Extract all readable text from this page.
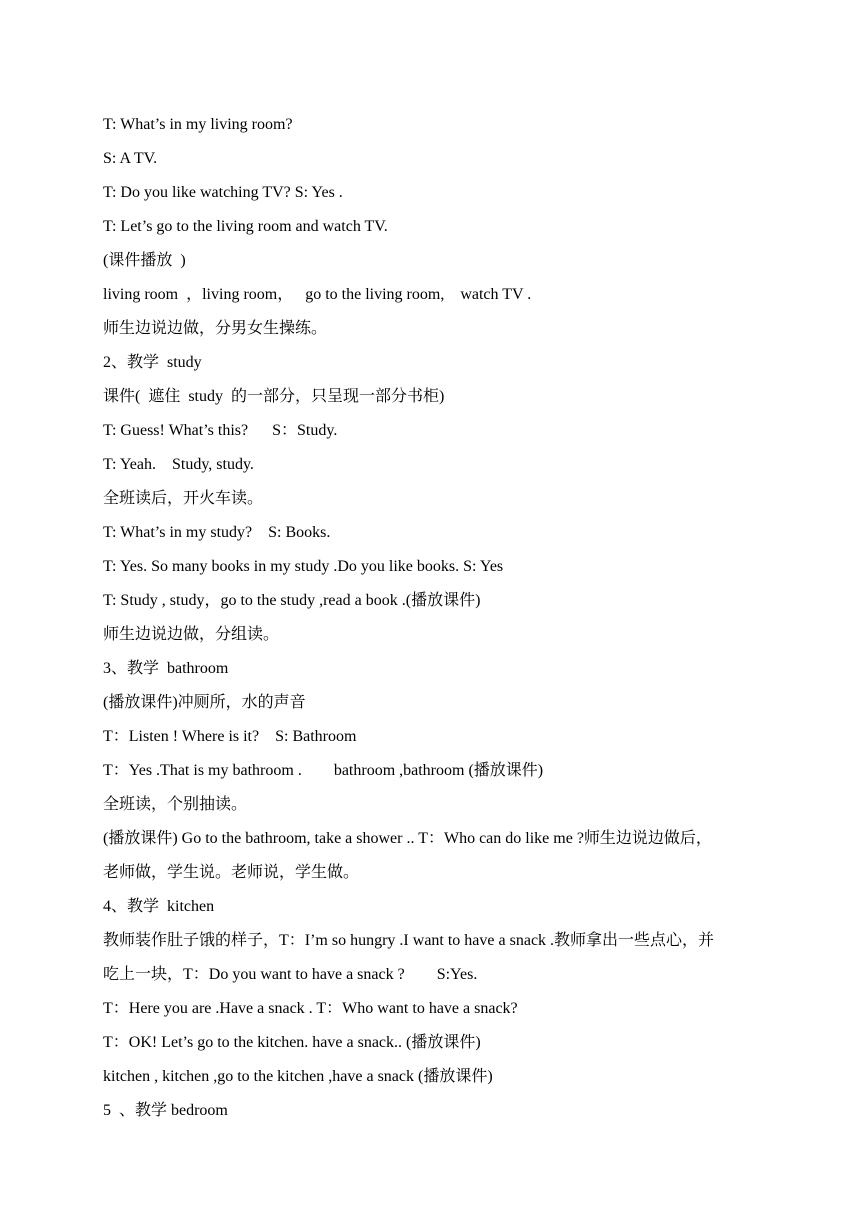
T: What’s in my living room?
S: A TV.
T: Do you like watching TV? S: Yes .
T: Let’s go to the living room and watch TV.
(课件播放  )
living room  ，living room，   go to the living room,    watch TV .
师生边说边做，分男女生操练。
2、教学  study
课件(  遮住  study  的一部分，只呈现一部分书柜)
T: Guess! What’s this?      S：Study.
T: Yeah.    Study, study.
全班读后，开火车读。
T: What’s in my study?    S: Books.
T: Yes. So many books in my study .Do you like books. S: Yes
T: Study , study，go to the study ,read a book .(播放课件)
师生边说边做，分组读。
3、教学  bathroom
(播放课件)冲厕所，水的声音
T：Listen ! Where is it?    S: Bathroom
T：Yes .That is my bathroom .        bathroom ,bathroom (播放课件)
全班读，个别抽读。
(播放课件) Go to the bathroom, take a shower .. T：Who can do like me ?师生边说边做后，
老师做，学生说。老师说，学生做。
4、教学  kitchen
教师装作肚子饿的样子，T：I’m so hungry .I want to have a snack .教师拿出一些点心，并
吃上一块，T：Do you want to have a snack ?        S:Yes.
T：Here you are .Have a snack . T：Who want to have a snack?
T：OK! Let’s go to the kitchen. have a snack.. (播放课件)
kitchen , kitchen ,go to the kitchen ,have a snack (播放课件)
5  、教学 bedroom
